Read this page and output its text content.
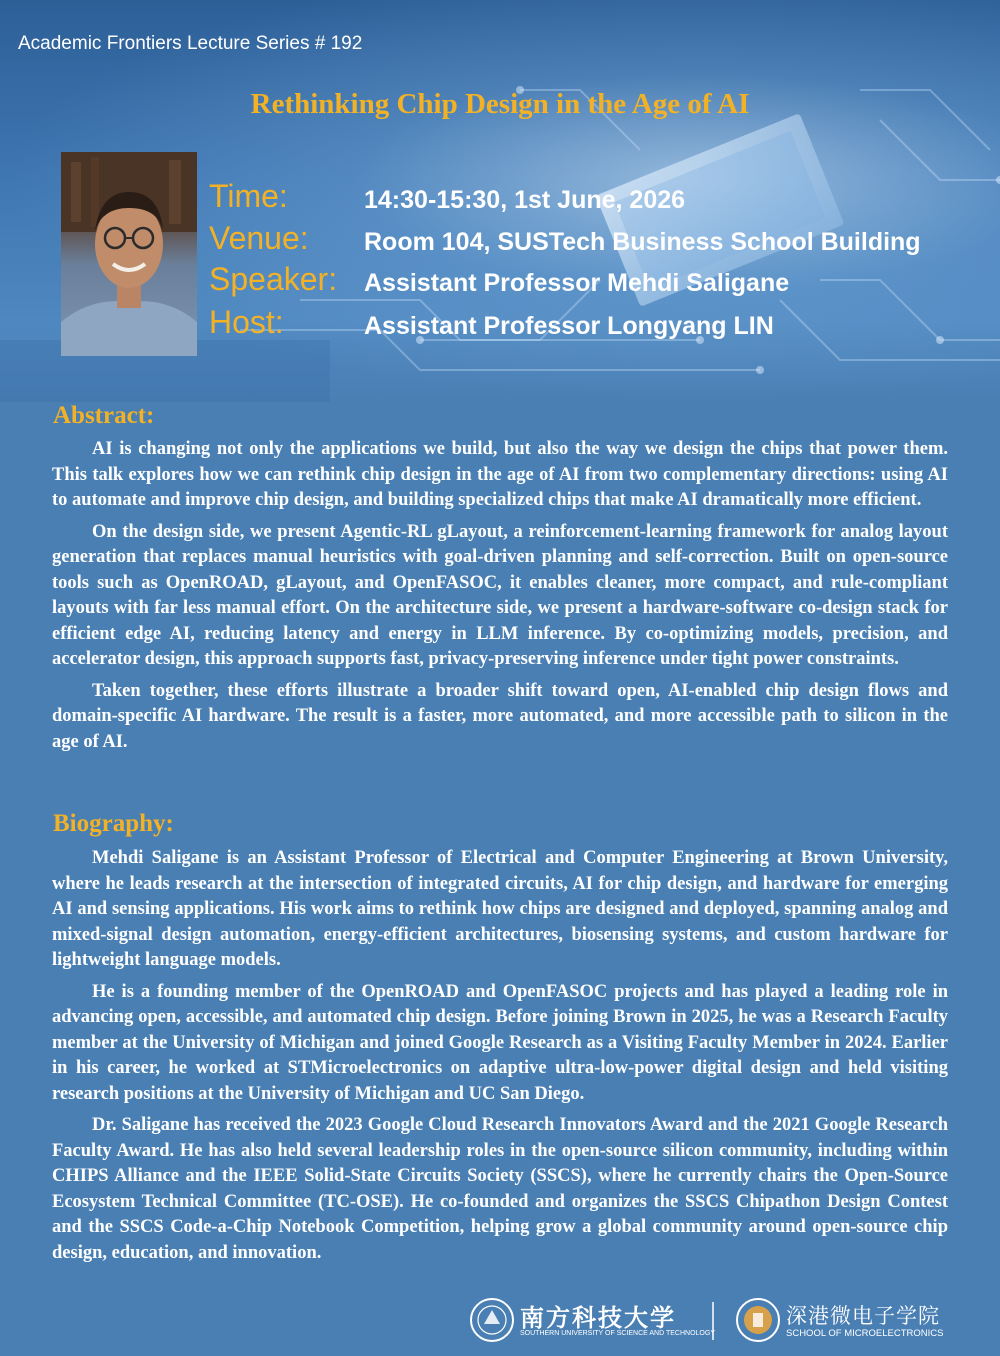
Academic Frontiers Lecture Series # 192
Rethinking Chip Design in the Age of AI
Time:	14:30-15:30, 1st June, 2026
Venue: Room 104, SUSTech Business School Building
Speaker: Assistant Professor Mehdi Saligane
Host:	Assistant Professor Longyang LIN
Abstract:

AI is changing not only the applications we build, but also the way we design the chips that power them. This talk explores how we can rethink chip design in the age of AI from two complementary directions: using AI to automate and improve chip design, and building specialized chips that make AI dramatically more efficient.

On the design side, we present Agentic-RL gLayout, a reinforcement-learning framework for analog layout generation that replaces manual heuristics with goal-driven planning and self-correction. Built on open-source tools such as OpenROAD, gLayout, and OpenFASOC, it enables cleaner, more compact, and rule-compliant layouts with far less manual effort. On the architecture side, we present a hardware-software co-design stack for efficient edge AI, reducing latency and energy in LLM inference. By co-optimizing models, precision, and accelerator design, this approach supports fast, privacy-preserving inference under tight power constraints.

Taken together, these efforts illustrate a broader shift toward open, AI-enabled chip design flows and domain-specific AI hardware. The result is a faster, more automated, and more accessible path to silicon in the age of AI.

Biography:

Mehdi Saligane is an Assistant Professor of Electrical and Computer Engineering at Brown University, where he leads research at the intersection of integrated circuits, AI for chip design, and hardware for emerging AI and sensing applications. His work aims to rethink how chips are designed and deployed, spanning analog and mixed-signal design automation, energy-efficient architectures, biosensing systems, and custom hardware for lightweight language models.

He is a founding member of the OpenROAD and OpenFASOC projects and has played a leading role in advancing open, accessible, and automated chip design. Before joining Brown in 2025, he was a Research Faculty member at the University of Michigan and joined Google Research as a Visiting Faculty Member in 2024. Earlier in his career, he worked at STMicroelectronics on adaptive ultra-low-power digital design and held visiting research positions at the University of Michigan and UC San Diego.

Dr. Saligane has received the 2023 Google Cloud Research Innovators Award and the 2021 Google Research Faculty Award. He has also held several leadership roles in the open-source silicon community, including within CHIPS Alliance and the IEEE Solid-State Circuits Society (SSCS), where he currently chairs the Open-Source Ecosystem Technical Committee (TC-OSE). He co-founded and organizes the SSCS Chipathon Design Contest and the SSCS Code-a-Chip Notebook Competition, helping grow a global community around open-source chip design, education, and innovation.

南方科技大学
SOUTHERN UNIVERSITY OF SCIENCE AND TECHNOLOGY
深港微电子学院
SCHOOL OF MICROELECTRONICS
